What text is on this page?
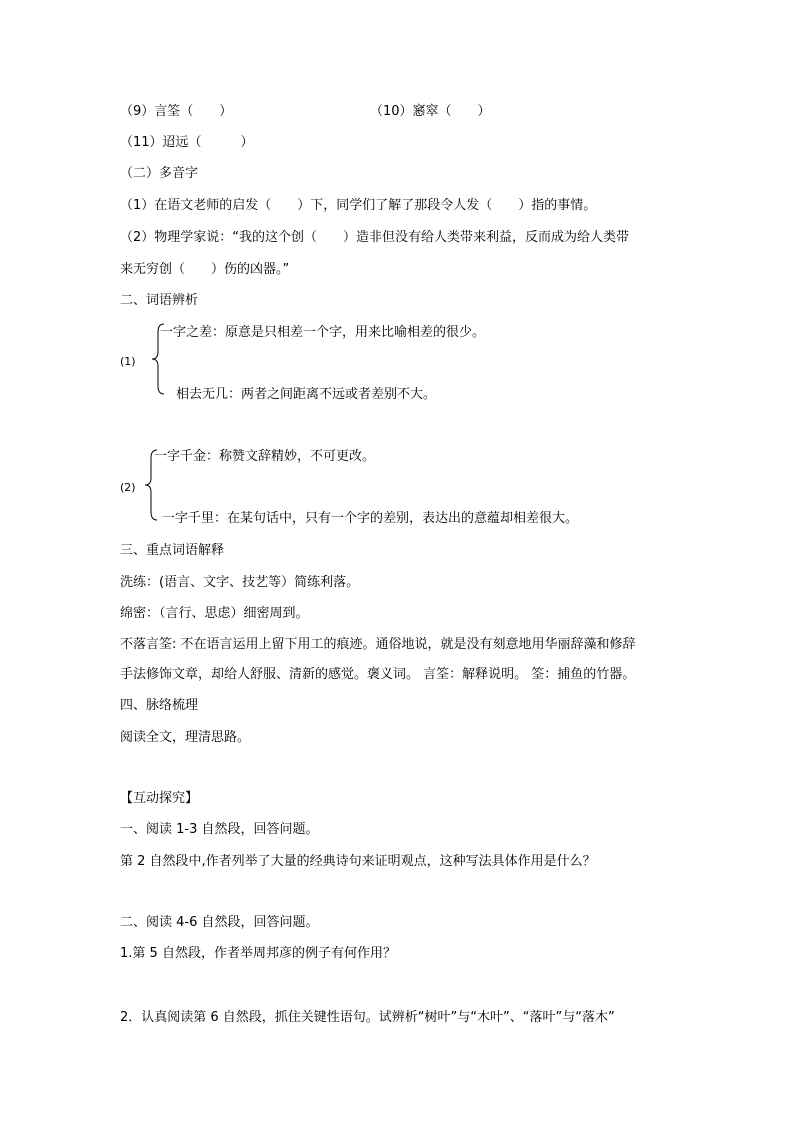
（9）言筌（　　）	（10）窸窣（　　）
（11）迢远（　　　）
（二）多音字
（1）在语文老师的启发（　　）下，同学们了解了那段令人发（　　）指的事情。
（2）物理学家说：“我的这个创（　　）造非但没有给人类带来利益，反而成为给人类带
来无穷创（　　）伤的凶器。”
二、词语辨析
(1)
一字之差：原意是只相差一个字，用来比喻相差的很少。
相去无几：两者之间距离不远或者差别不大。
(2)
一字千金：称赞文辞精妙，不可更改。
一字千里：在某句话中，只有一个字的差别，表达出的意蕴却相差很大。
三、重点词语解释
洗练：(语言、文字、技艺等）简练利落。
绵密：（言行、思虑）细密周到。
不落言筌: 不在语言运用上留下用工的痕迹。通俗地说，就是没有刻意地用华丽辞藻和修辞
手法修饰文章，却给人舒服、清新的感觉。褒义词。 言筌：解释说明。 筌：捕鱼的竹器。
四、脉络梳理
阅读全文，理清思路。
【互动探究】
一、阅读 1-3 自然段，回答问题。
第 2 自然段中,作者列举了大量的经典诗句来证明观点，这种写法具体作用是什么？
二、阅读 4-6 自然段，回答问题。
1.第 5 自然段，作者举周邦彦的例子有何作用？
2．认真阅读第 6 自然段，抓住关键性语句。试辨析“树叶”与“木叶”、“落叶”与“落木”
